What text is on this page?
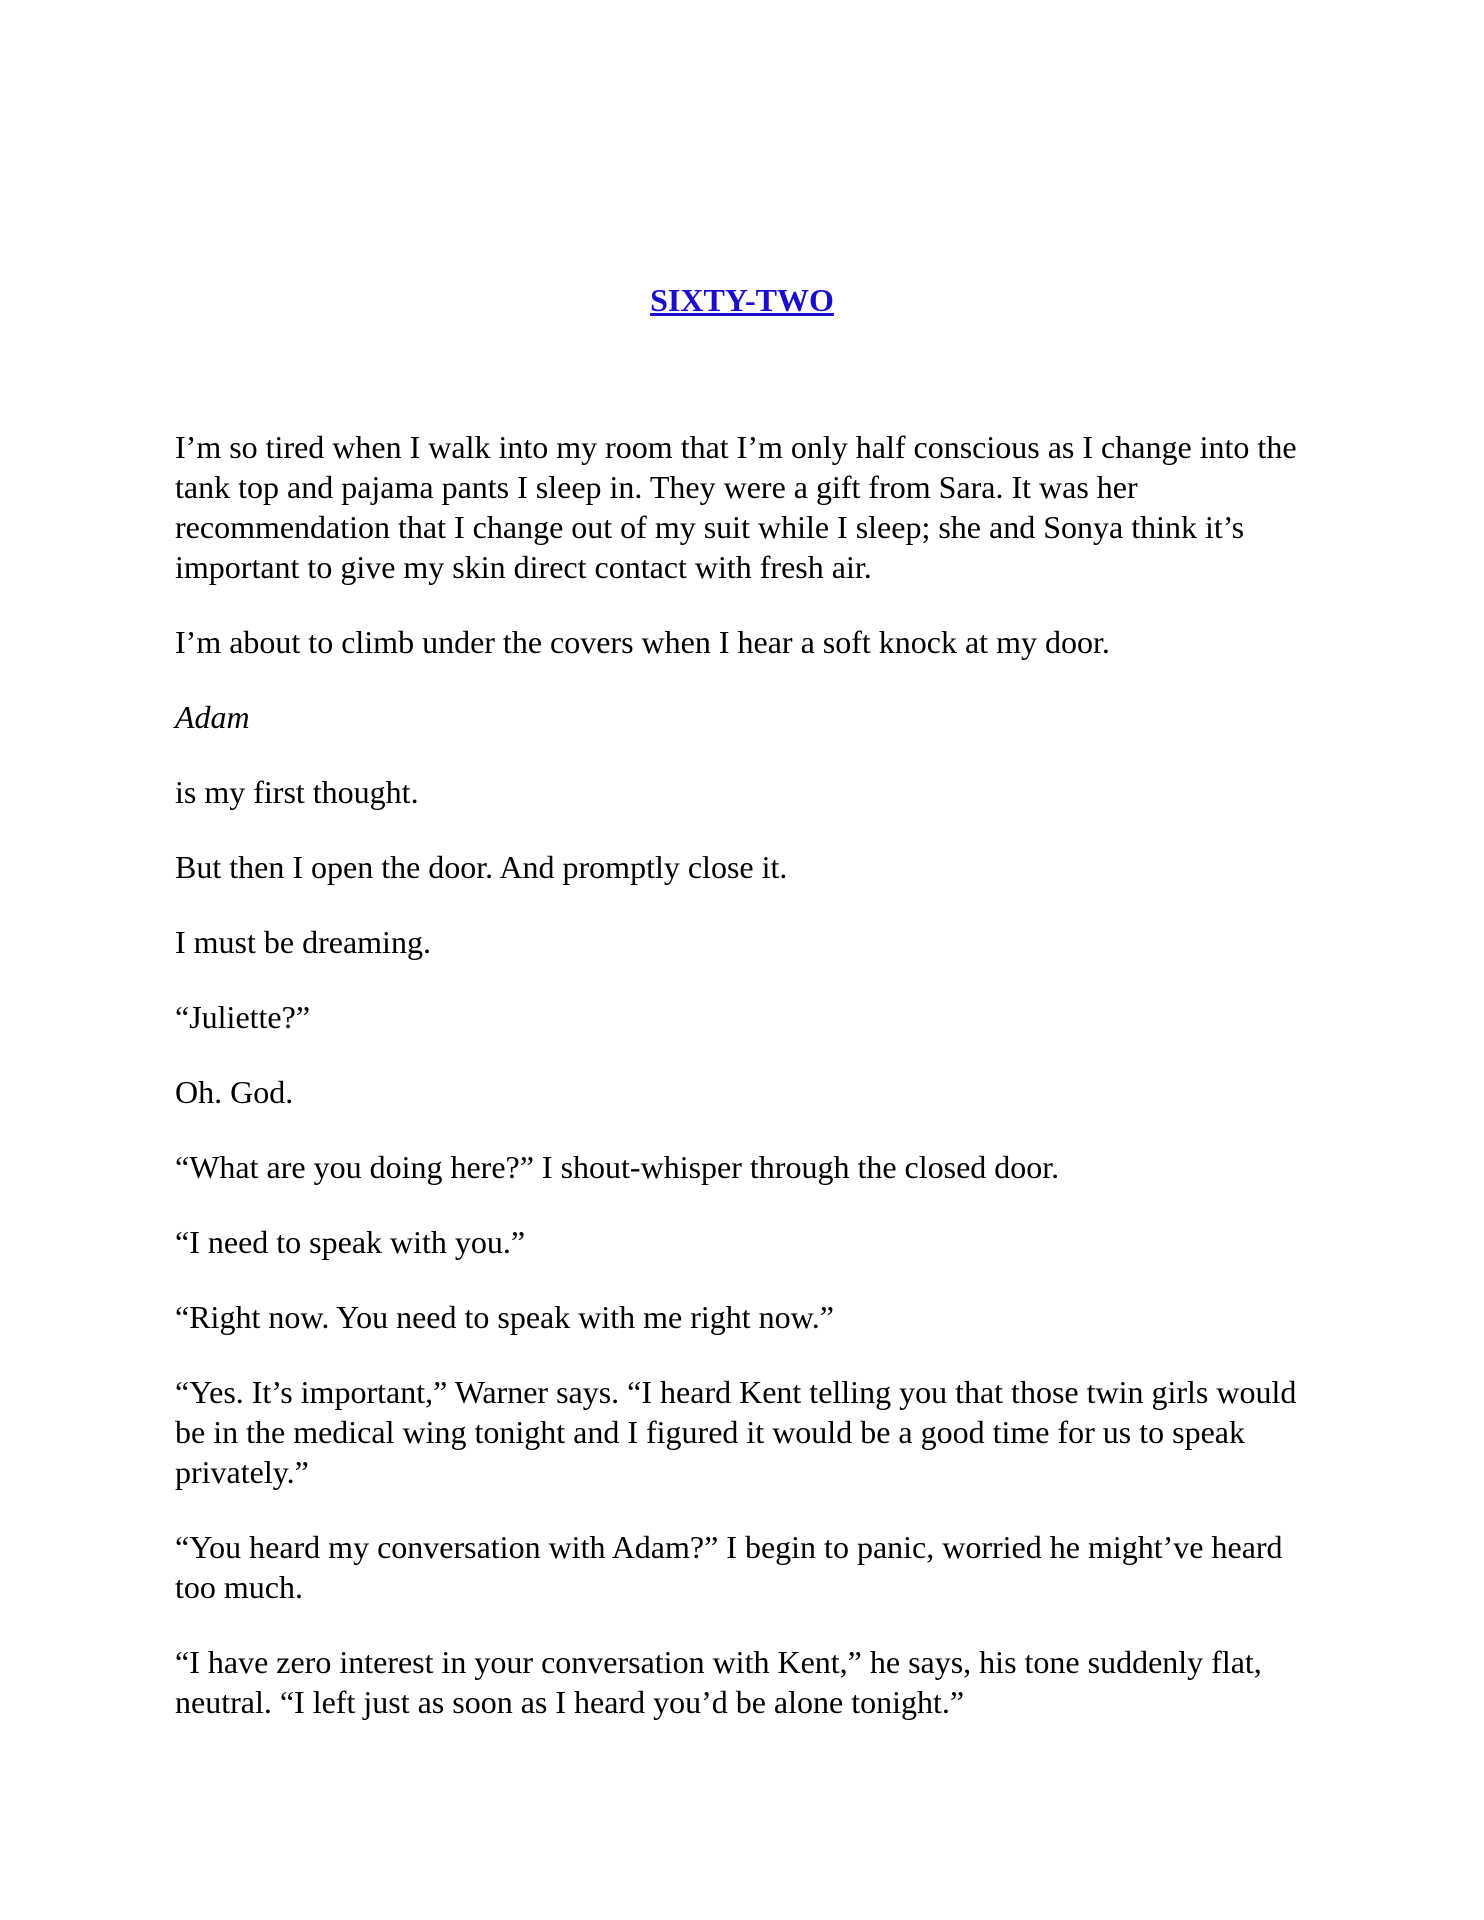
SIXTY-TWO

I’m so tired when I walk into my room that I’m only half conscious as I change into the tank top and pajama pants I sleep in. They were a gift from Sara. It was her recommendation that I change out of my suit while I sleep; she and Sonya think it’s important to give my skin direct contact with fresh air.

I’m about to climb under the covers when I hear a soft knock at my door.

Adam

is my first thought.

But then I open the door. And promptly close it.

I must be dreaming.

“Juliette?”

Oh. God.

“What are you doing here?” I shout-whisper through the closed door.

“I need to speak with you.”

“Right now. You need to speak with me right now.”

“Yes. It’s important,” Warner says. “I heard Kent telling you that those twin girls would be in the medical wing tonight and I figured it would be a good time for us to speak privately.”

“You heard my conversation with Adam?” I begin to panic, worried he might’ve heard too much.

“I have zero interest in your conversation with Kent,” he says, his tone suddenly flat, neutral. “I left just as soon as I heard you’d be alone tonight.”
